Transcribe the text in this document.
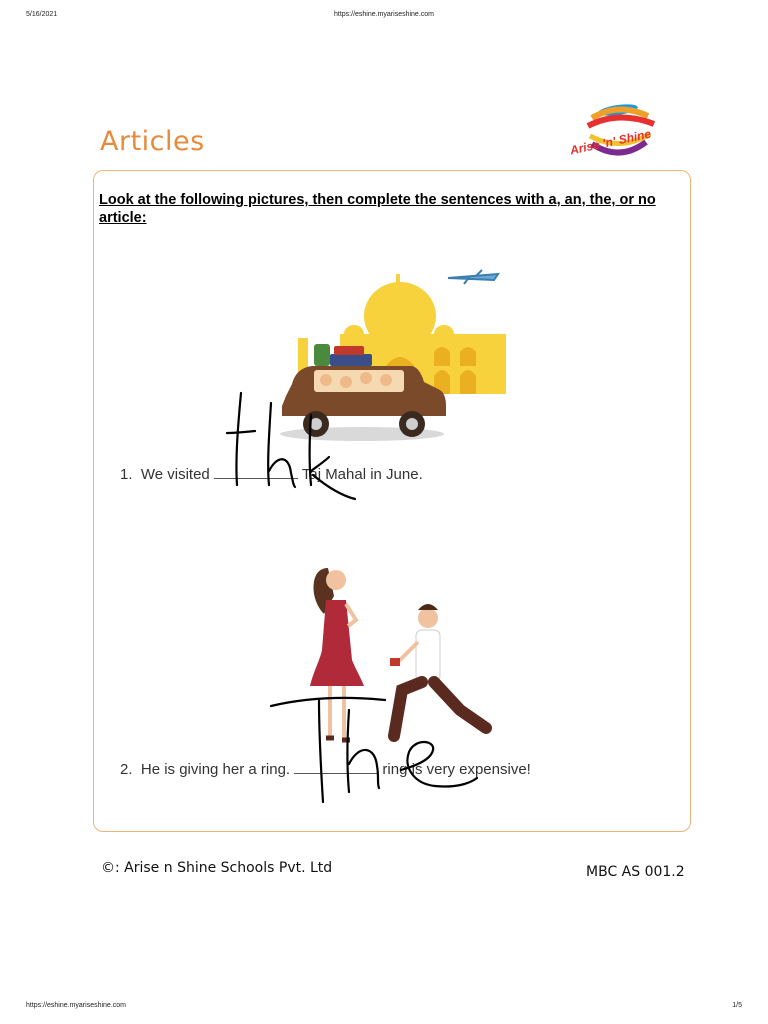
5/16/2021	https://eshine.myariseshine.com
Articles	Arise 'n' Shine
Look at the following pictures, then complete the sentences with a, an, the, or no article:
1. We visited	Taj Mahal in June.
2. He is giving her a ring.	ring is very expensive!
©: Arise n Shine Schools Pvt. Ltd	MBC AS 001.2
https://eshine.myariseshine.com	1/5
